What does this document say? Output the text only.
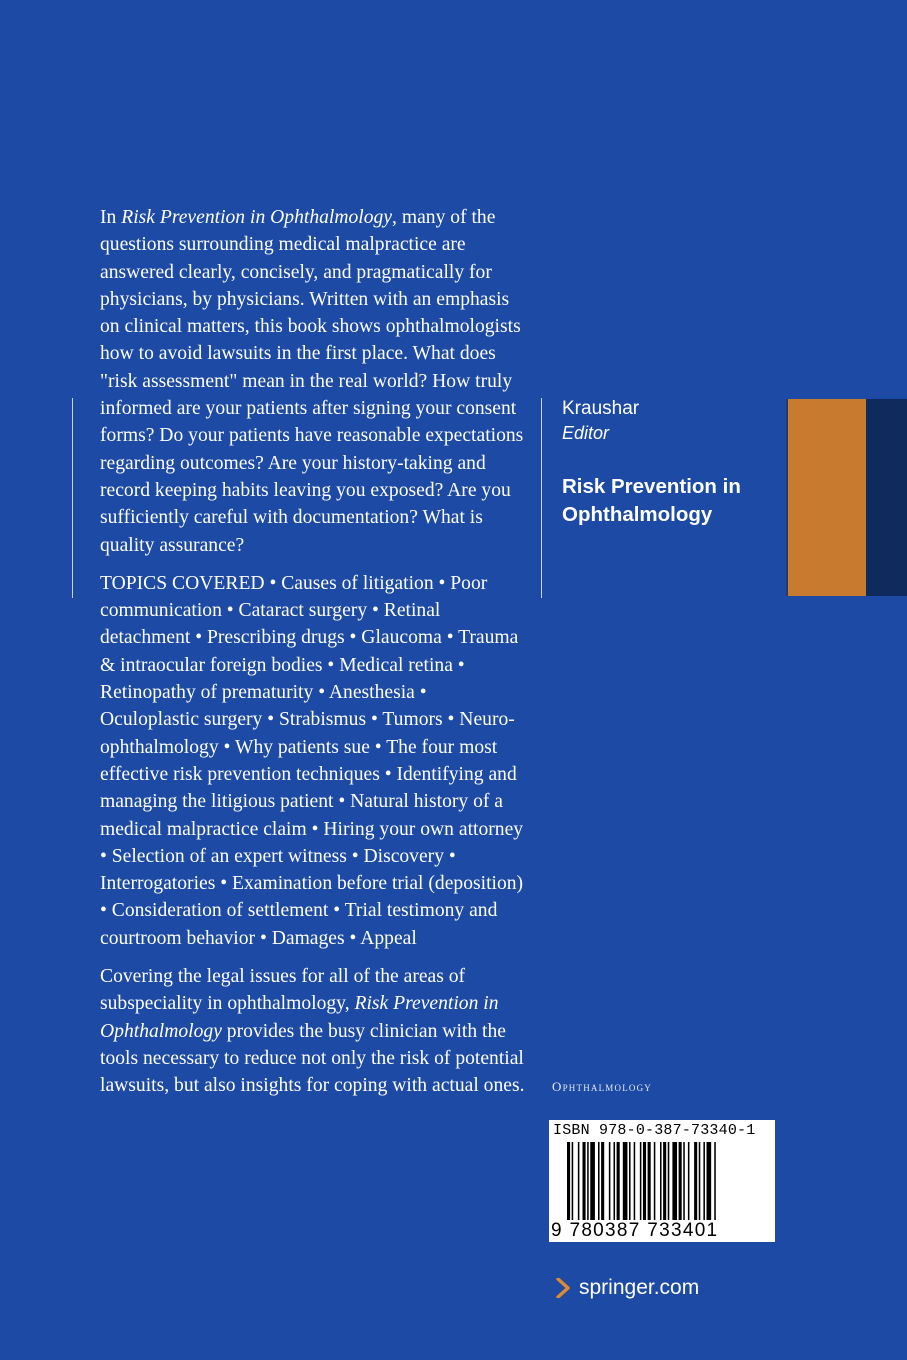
In Risk Prevention in Ophthalmology, many of the questions surrounding medical malpractice are answered clearly, concisely, and pragmatically for physicians, by physicians. Written with an emphasis on clinical matters, this book shows ophthalmologists how to avoid lawsuits in the first place. What does "risk assessment" mean in the real world? How truly informed are your patients after signing your consent forms? Do your patients have reasonable expectations regarding outcomes? Are your history-taking and record keeping habits leaving you exposed? Are you sufficiently careful with documentation? What is quality assurance?

TOPICS COVERED • Causes of litigation • Poor communication • Cataract surgery • Retinal detachment • Prescribing drugs • Glaucoma • Trauma & intraocular foreign bodies • Medical retina • Retinopathy of prematurity • Anesthesia • Oculoplastic surgery • Strabismus • Tumors • Neuro-ophthalmology • Why patients sue • The four most effective risk prevention techniques • Identifying and managing the litigious patient • Natural history of a medical malpractice claim • Hiring your own attorney • Selection of an expert witness • Discovery • Interrogatories • Examination before trial (deposition) • Consideration of settlement • Trial testimony and courtroom behavior • Damages • Appeal

Covering the legal issues for all of the areas of subspeciality in ophthalmology, Risk Prevention in Ophthalmology provides the busy clinician with the tools necessary to reduce not only the risk of potential lawsuits, but also insights for coping with actual ones.

Kraushar
Editor
Risk Prevention in Ophthalmology
Ophthalmology
ISBN 978-0-387-73340-1
9 780387 733401
springer.com
